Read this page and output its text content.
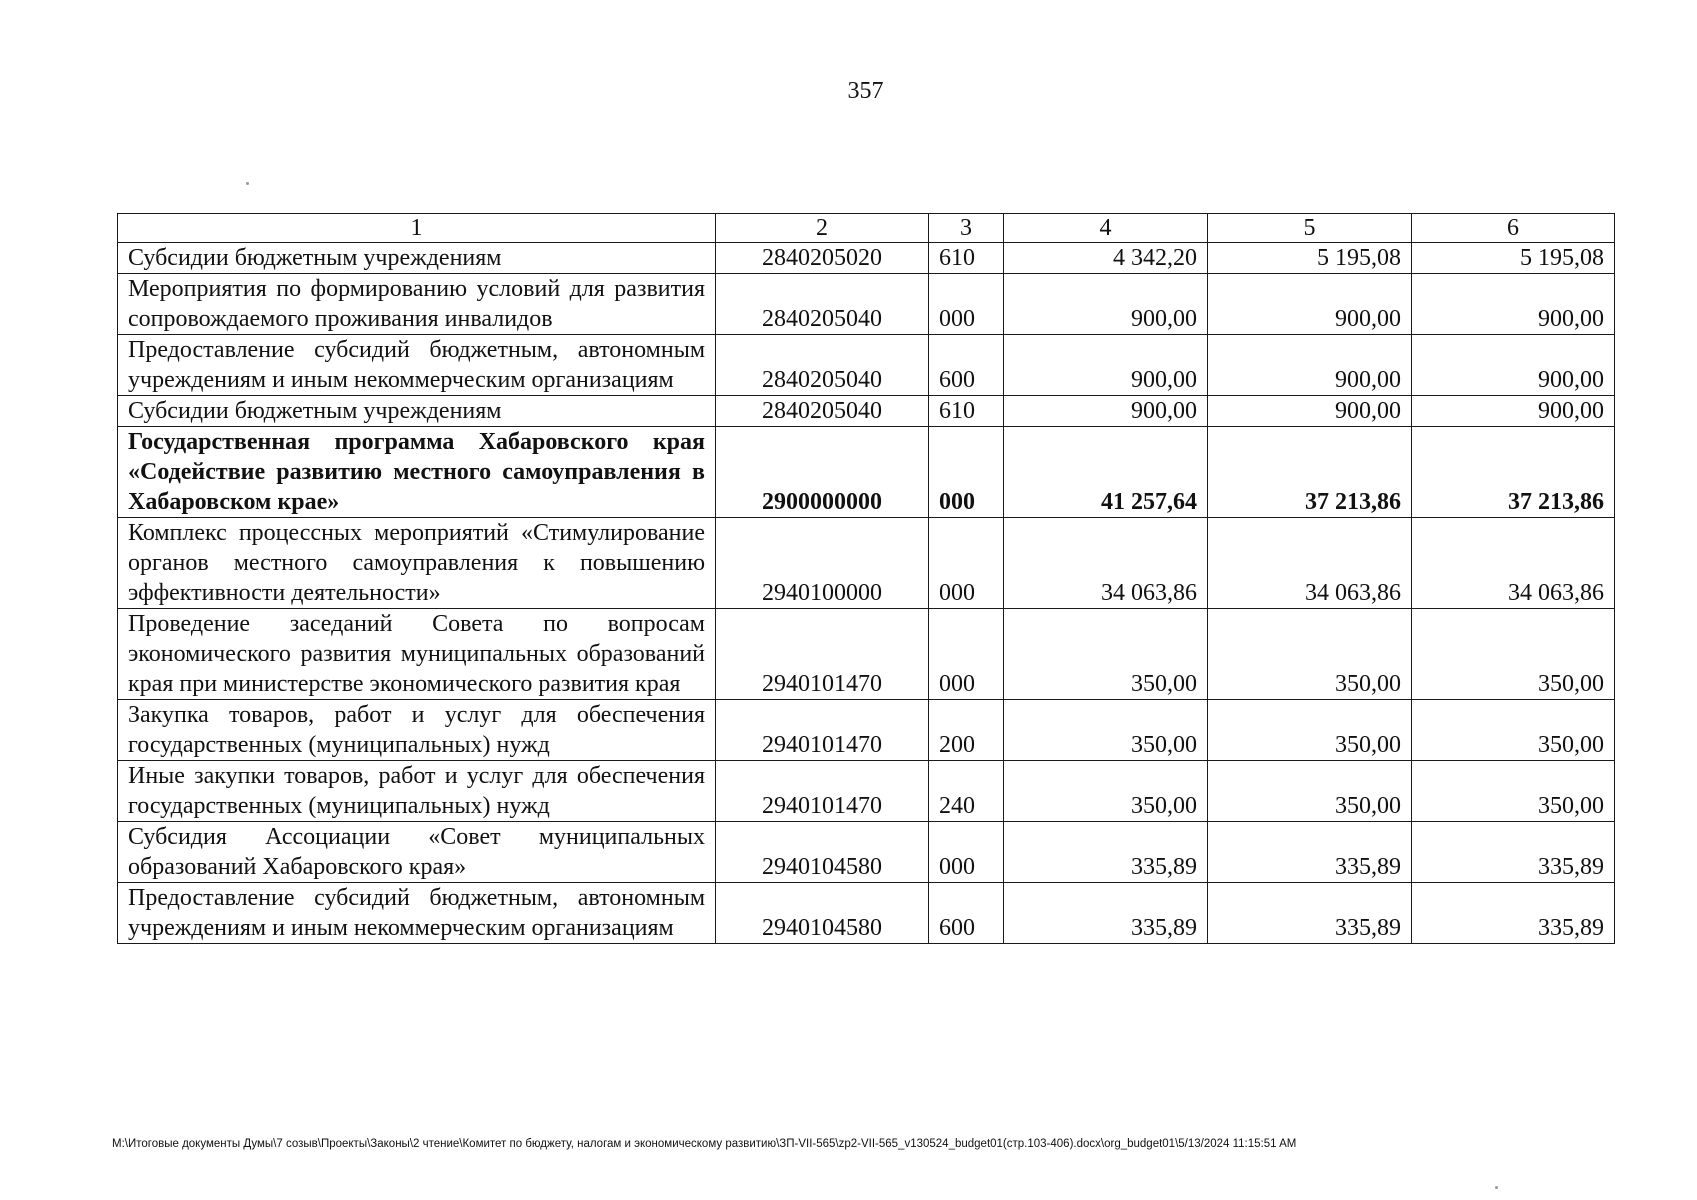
357
1	2	3	4	5	6
Субсидии бюджетным учреждениям	2840205020	610	4 342,20	5 195,08	5 195,08
Мероприятия по формированию условий для развития сопровождаемого проживания инвалидов	2840205040	000	900,00	900,00	900,00
Предоставление субсидий бюджетным, автономным учреждениям и иным некоммерческим организациям	2840205040	600	900,00	900,00	900,00
Субсидии бюджетным учреждениям	2840205040	610	900,00	900,00	900,00
Государственная программа Хабаровского края «Содействие развитию местного самоуправления в Хабаровском крае»	2900000000	000	41 257,64	37 213,86	37 213,86
Комплекс процессных мероприятий «Стимулирование органов местного самоуправления к повышению эффективности деятельности»	2940100000	000	34 063,86	34 063,86	34 063,86
Проведение заседаний Совета по вопросам экономического развития муниципальных образований края при министерстве экономического развития края	2940101470	000	350,00	350,00	350,00
Закупка товаров, работ и услуг для обеспечения государственных (муниципальных) нужд	2940101470	200	350,00	350,00	350,00
Иные закупки товаров, работ и услуг для обеспечения государственных (муниципальных) нужд	2940101470	240	350,00	350,00	350,00
Субсидия Ассоциации «Совет муниципальных образований Хабаровского края»	2940104580	000	335,89	335,89	335,89
Предоставление субсидий бюджетным, автономным учреждениям и иным некоммерческим организациям	2940104580	600	335,89	335,89	335,89
М:\Итоговые документы Думы\7 созыв\Проекты\Законы\2 чтение\Комитет по бюджету, налогам и экономическому развитию\ЗП-VII-565\zp2-VII-565_v130524_budget01(стр.103-406).docx\org_budget01\5/13/2024 11:15:51 AM
